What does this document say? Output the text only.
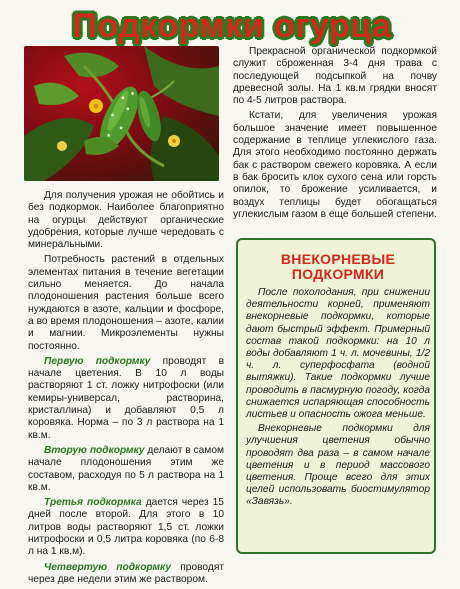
Подкормки огурца

Для получения урожая не обойтись и без подкормок. Наиболее благоприятно на огурцы действуют органические удобрения, которые лучше чередовать с минеральными.

Потребность растений в отдельных элементах питания в течение вегетации сильно меняется. До начала плодоношения растения больше всего нуждаются в азоте, кальции и фосфоре, а во время плодоношения – азоте, калии и магнии. Микроэлементы нужны постоянно.

Первую подкормку проводят в начале цветения. В 10 л воды растворяют 1 ст. ложку нитрофоски (или кемиры-универсал, растворина, кристаллина) и добавляют 0,5 л коровяка. Норма – по 3 л раствора на 1 кв.м.

Вторую подкормку делают в самом начале плодоношения этим же составом, расходуя по 5 л раствора на 1 кв.м.

Третья подкормка дается через 15 дней после второй. Для этого в 10 литров воды растворяют 1,5 ст. ложки нитрофоски и 0,5 литра коровяка (по 6-8 л на 1 кв.м).

Четвертую подкормку проводят через две недели этим же раствором.

Прекрасной органической подкормкой служит сброженная 3-4 дня трава с последующей подсыпкой на почву древесной золы. На 1 кв.м грядки вносят по 4-5 литров раствора.

Кстати, для увеличения урожая большое значение имеет повышенное содержание в теплице углекислого газа. Для этого необходимо постоянно держать бак с раствором свежего коровяка. А если в бак бросить клок сухого сена или горсть опилок, то брожение усиливается, и воздух теплицы будет обогащаться углекислым газом в еще большей степени.

ВНЕКОРНЕВЫЕ ПОДКОРМКИ

После похолодания, при снижении деятельности корней, применяют внекорневые подкормки, которые дают быстрый эффект. Примерный состав такой подкормки: на 10 л воды добавляют 1 ч. л. мочевины, 1/2 ч. л. суперфосфата (водной вытяжки). Такие подкормки лучше проводить в пасмурную погоду, когда снижается испаряющая способность листьев и опасность ожога меньше.

Внекорневые подкормки для улучшения цветения обычно проводят два раза – в самом начале цветения и в период массового цветения. Проще всего для этих целей использовать биостимулятор «Завязь».
